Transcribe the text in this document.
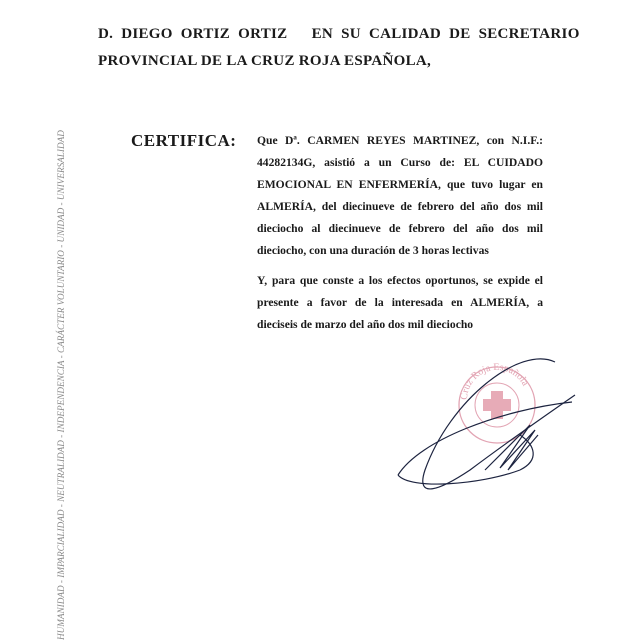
D. DIEGO ORTIZ ORTIZ   EN SU CALIDAD DE SECRETARIO
PROVINCIAL DE LA CRUZ ROJA ESPAÑOLA,
HUMANIDAD - IMPARCIALIDAD - NEUTRALIDAD - INDEPENDENCIA - CARÁCTER VOLUNTARIO - UNIDAD - UNIVERSALIDAD	CERTIFICA: Que Dª. CARMEN REYES MARTINEZ, con N.I.F.: 44282134G, asistió a un Curso de: EL CUIDADO EMOCIONAL EN ENFERMERÍA, que tuvo lugar en ALMERÍA, del diecinueve de febrero del año dos mil dieciocho al diecinueve de febrero del año dos mil dieciocho, con una duración de 3 horas lectivas
Y, para que conste a los efectos oportunos, se expide el presente a favor de la interesada en ALMERÍA, a dieciseis de marzo del año dos mil dieciocho
Cruz Roja Española
